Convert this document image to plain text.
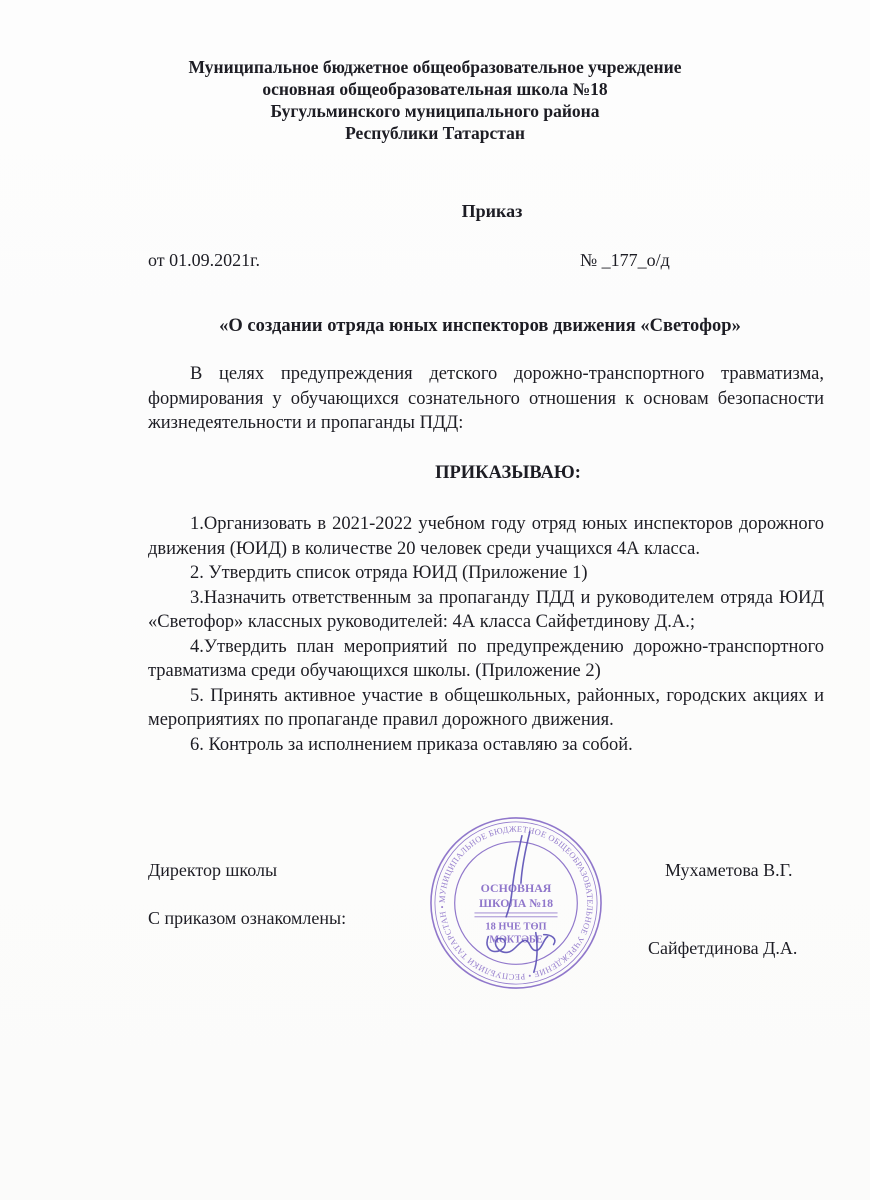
Муниципальное бюджетное общеобразовательное учреждение
основная общеобразовательная школа №18
Бугульминского муниципального района
Республики Татарстан
Приказ
от 01.09.2021г.	№ _177_о/д
«О создании отряда юных инспекторов движения «Светофор»

В целях предупреждения детского дорожно-транспортного травматизма, формирования у обучающихся сознательного отношения к основам безопасности жизнедеятельности и пропаганды ПДД:

ПРИКАЗЫВАЮ:

1.Организовать в 2021-2022 учебном году отряд юных инспекторов дорожного движения (ЮИД) в количестве 20 человек среди учащихся 4А класса.

2. Утвердить список отряда ЮИД (Приложение 1)

3.Назначить ответственным за пропаганду ПДД и руководителем отряда ЮИД «Светофор» классных руководителей: 4А класса Сайфетдинову Д.А.;

4.Утвердить план мероприятий по предупреждению дорожно-транспортного травматизма среди обучающихся школы. (Приложение 2)

5. Принять активное участие в общешкольных, районных, городских акциях и мероприятиях по пропаганде правил дорожного движения.

6. Контроль за исполнением приказа оставляю за собой.

Директор школы	Мухаметова В.Г.
С приказом ознакомлены:
Сайфетдинова Д.А.
МУНИЦИПАЛЬНОЕ БЮДЖЕТНОЕ ОБЩЕОБРАЗОВАТЕЛЬНОЕ УЧРЕЖДЕНИЕ • РЕСПУБЛИКИ ТАТАРСТАН •
ОСНОВНАЯ
ШКОЛА №18
18 НЧЕ ТӨП
МӘКТӘБЕ
